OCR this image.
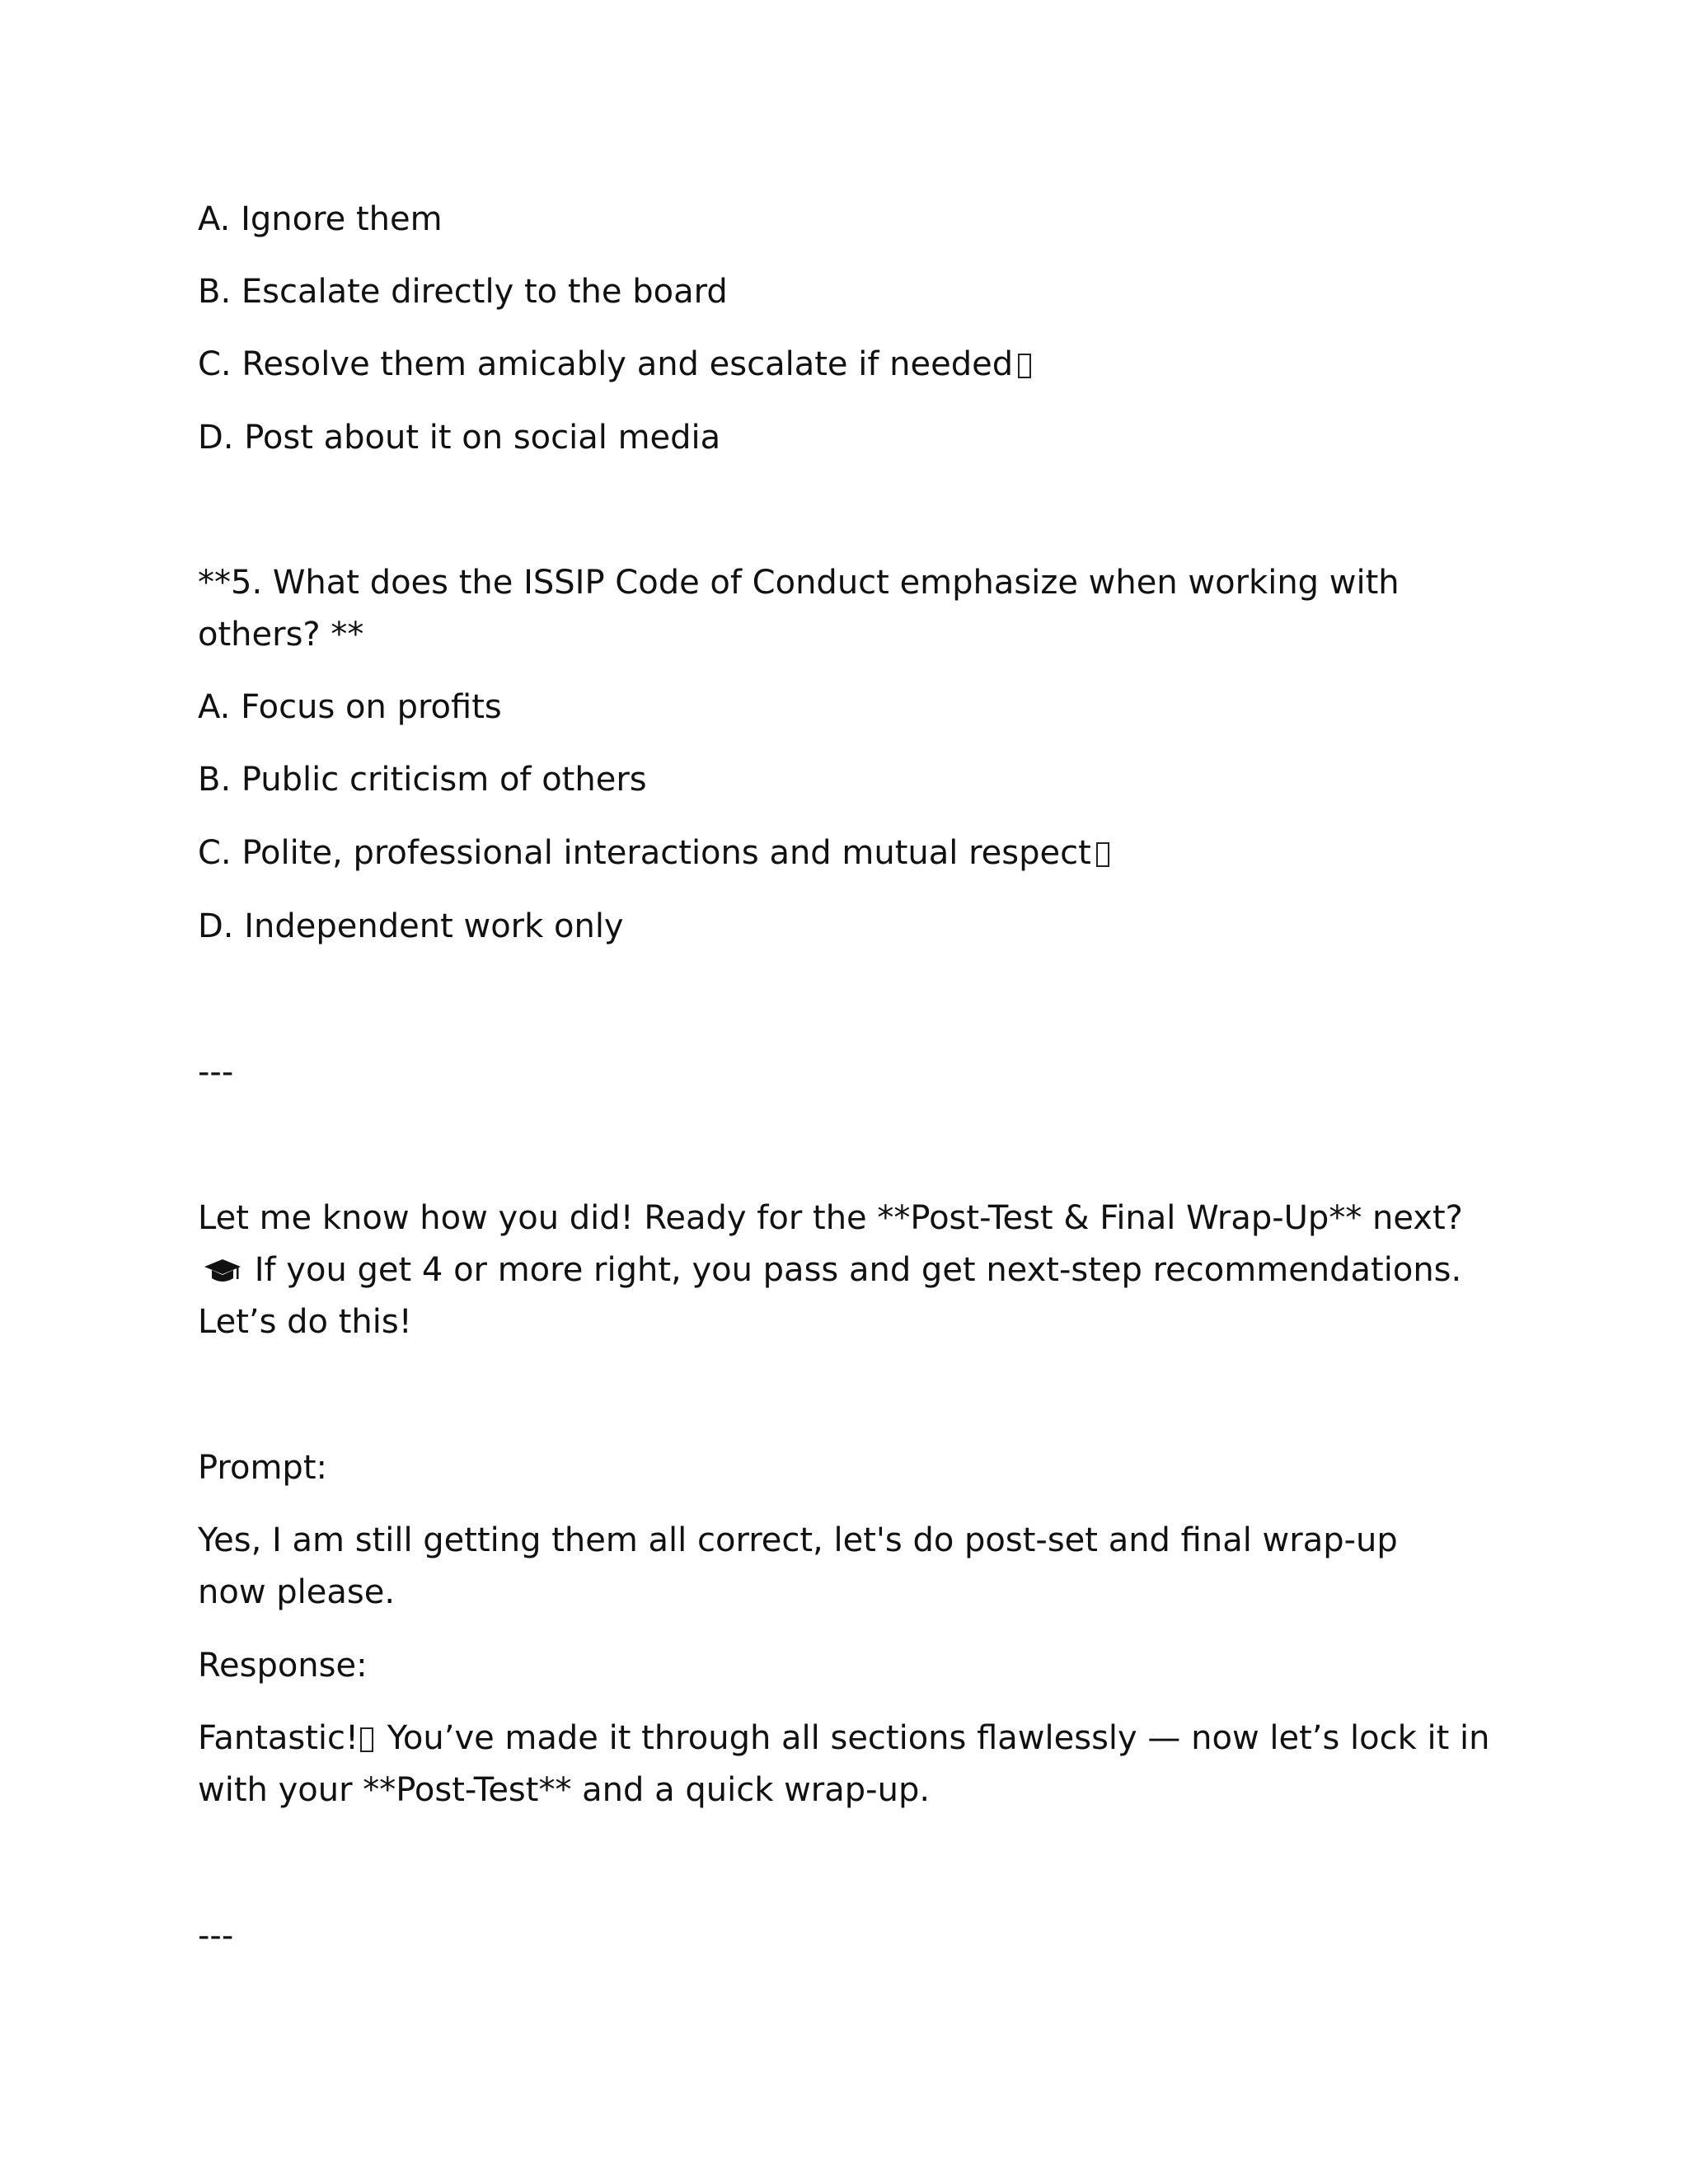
A. Ignore them

B. Escalate directly to the board

C. Resolve them amicably and escalate if needed

D. Post about it on social media

**5. What does the ISSIP Code of Conduct emphasize when working with others? **

A. Focus on profits

B. Public criticism of others

C. Polite, professional interactions and mutual respect

D. Independent work only

---

Let me know how you did! Ready for the **Post-Test & Final Wrap-Up** next? If you get 4 or more right, you pass and get next-step recommendations. Let’s do this!

Prompt:

Yes, I am still getting them all correct, let's do post-set and final wrap-up now please.

Response:

Fantastic! You’ve made it through all sections flawlessly — now let’s lock it in with your **Post-Test** and a quick wrap-up.

---
